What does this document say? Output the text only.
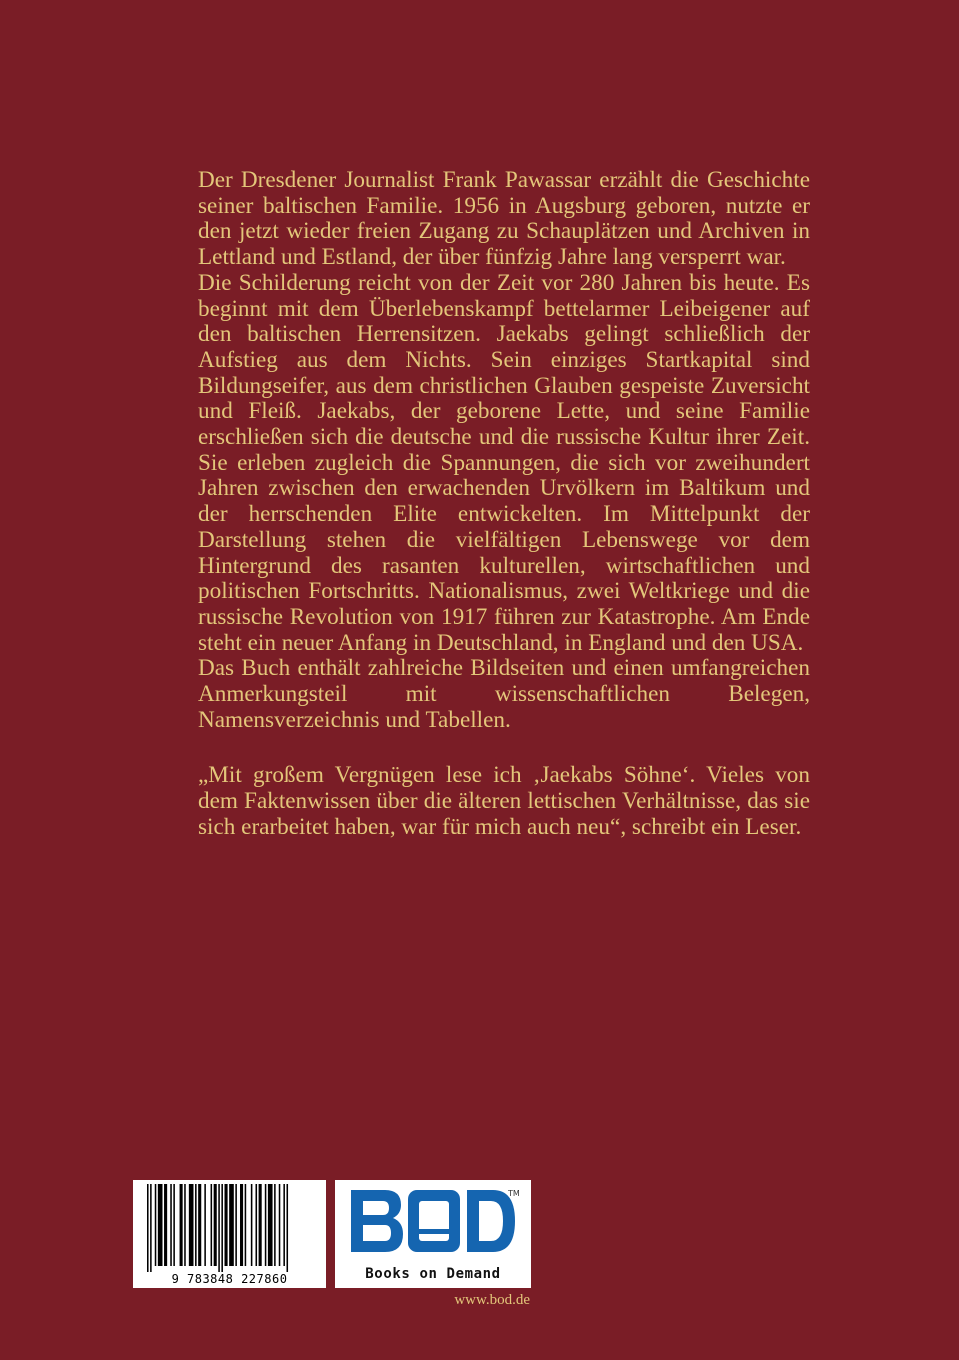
Der Dresdener Journalist Frank Pawassar erzählt die Geschichte seiner baltischen Familie. 1956 in Augsburg geboren, nutzte er den jetzt wieder freien Zugang zu Schauplätzen und Archiven in Lettland und Estland, der über fünfzig Jahre lang versperrt war.

Die Schilderung reicht von der Zeit vor 280 Jahren bis heute. Es beginnt mit dem Überlebenskampf bettelarmer Leibeigener auf den baltischen Herrensitzen. Jaekabs gelingt schließlich der Aufstieg aus dem Nichts. Sein einziges Startkapital sind Bildungseifer, aus dem christlichen Glauben gespeiste Zuversicht und Fleiß. Jaekabs, der geborene Lette, und seine Familie erschließen sich die deutsche und die russische Kultur ihrer Zeit. Sie erleben zugleich die Spannungen, die sich vor zweihundert Jahren zwischen den erwachenden Urvölkern im Baltikum und der herrschenden Elite entwickelten. Im Mittelpunkt der Darstellung stehen die vielfältigen Lebenswege vor dem Hintergrund des rasanten kulturellen, wirtschaftlichen und politischen Fortschritts. Nationalismus, zwei Weltkriege und die russische Revolution von 1917 führen zur Katastrophe. Am Ende steht ein neuer Anfang in Deutschland, in England und den USA.

Das Buch enthält zahlreiche Bildseiten und einen umfangreichen Anmerkungsteil mit wissenschaftlichen Belegen, Namensverzeichnis und Tabellen.

„Mit großem Vergnügen lese ich ‚Jaekabs Söhne‘. Vieles von dem Faktenwissen über die älteren lettischen Verhältnisse, das sie sich erarbeitet haben, war für mich auch neu“, schreibt ein Leser.

9 783848 227860
TM
Books on Demand
www.bod.de
